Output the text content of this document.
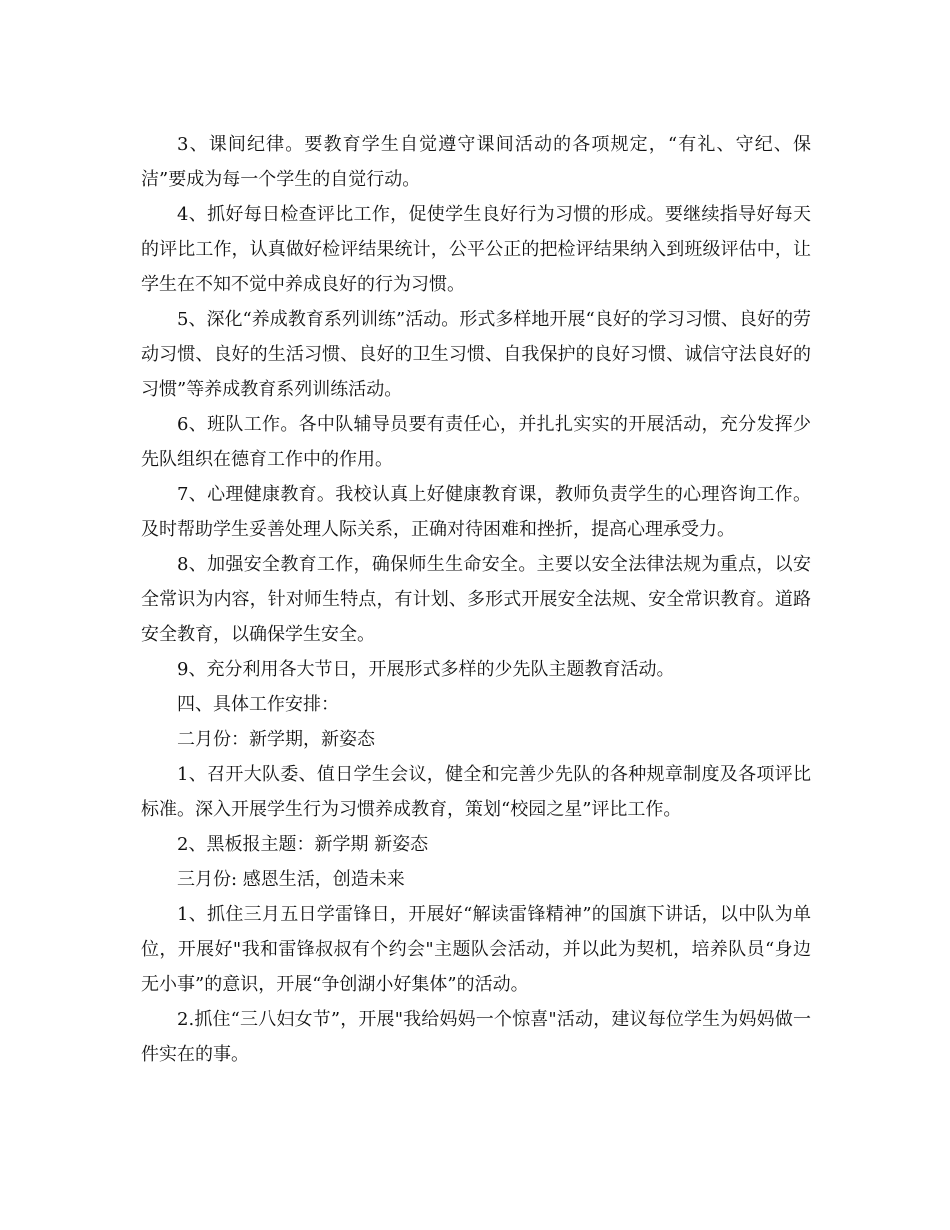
3、课间纪律。要教育学生自觉遵守课间活动的各项规定，“有礼、守纪、保洁”要成为每一个学生的自觉行动。

4、抓好每日检查评比工作，促使学生良好行为习惯的形成。要继续指导好每天的评比工作，认真做好检评结果统计，公平公正的把检评结果纳入到班级评估中，让学生在不知不觉中养成良好的行为习惯。

5、深化“养成教育系列训练”活动。形式多样地开展“良好的学习习惯、良好的劳动习惯、良好的生活习惯、良好的卫生习惯、自我保护的良好习惯、诚信守法良好的习惯”等养成教育系列训练活动。

6、班队工作。各中队辅导员要有责任心，并扎扎实实的开展活动，充分发挥少先队组织在德育工作中的作用。

7、心理健康教育。我校认真上好健康教育课，教师负责学生的心理咨询工作。及时帮助学生妥善处理人际关系，正确对待困难和挫折，提高心理承受力。

8、加强安全教育工作，确保师生生命安全。主要以安全法律法规为重点，以安全常识为内容，针对师生特点，有计划、多形式开展安全法规、安全常识教育。道路安全教育，以确保学生安全。

9、充分利用各大节日，开展形式多样的少先队主题教育活动。

四、具体工作安排：

二月份：新学期，新姿态

1、召开大队委、值日学生会议，健全和完善少先队的各种规章制度及各项评比标准。深入开展学生行为习惯养成教育，策划“校园之星”评比工作。

2、黑板报主题：新学期 新姿态

三月份: 感恩生活，创造未来

1、抓住三月五日学雷锋日，开展好“解读雷锋精神”的国旗下讲话，以中队为单位，开展好"我和雷锋叔叔有个约会"主题队会活动，并以此为契机，培养队员“身边无小事”的意识，开展“争创湖小好集体”的活动。

2.抓住“三八妇女节”，开展"我给妈妈一个惊喜"活动，建议每位学生为妈妈做一件实在的事。
